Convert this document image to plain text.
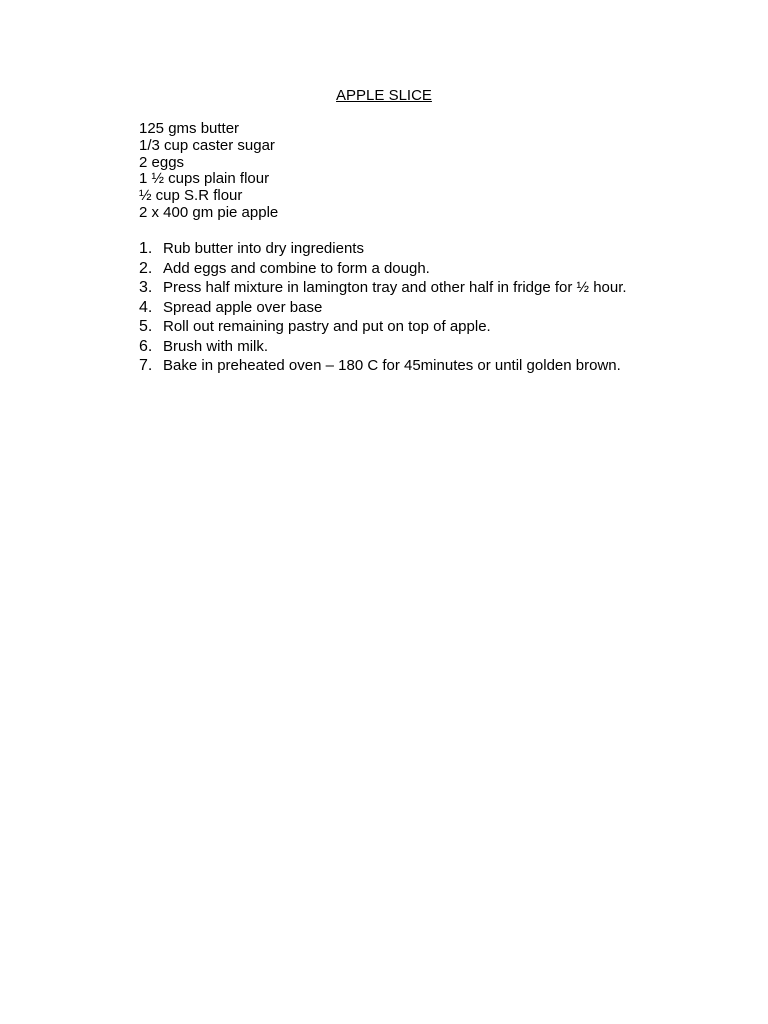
APPLE SLICE
125 gms butter
1/3 cup caster sugar
2 eggs
1 ½ cups plain flour
½ cup S.R flour
2 x 400 gm pie apple
1. Rub butter into dry ingredients
2. Add eggs and combine to form a dough.
3. Press half mixture in lamington tray and other half in fridge for ½ hour.
4. Spread apple over base
5. Roll out remaining pastry and put on top of apple.
6. Brush with milk.
7. Bake in preheated oven – 180 C for 45minutes or until golden brown.
